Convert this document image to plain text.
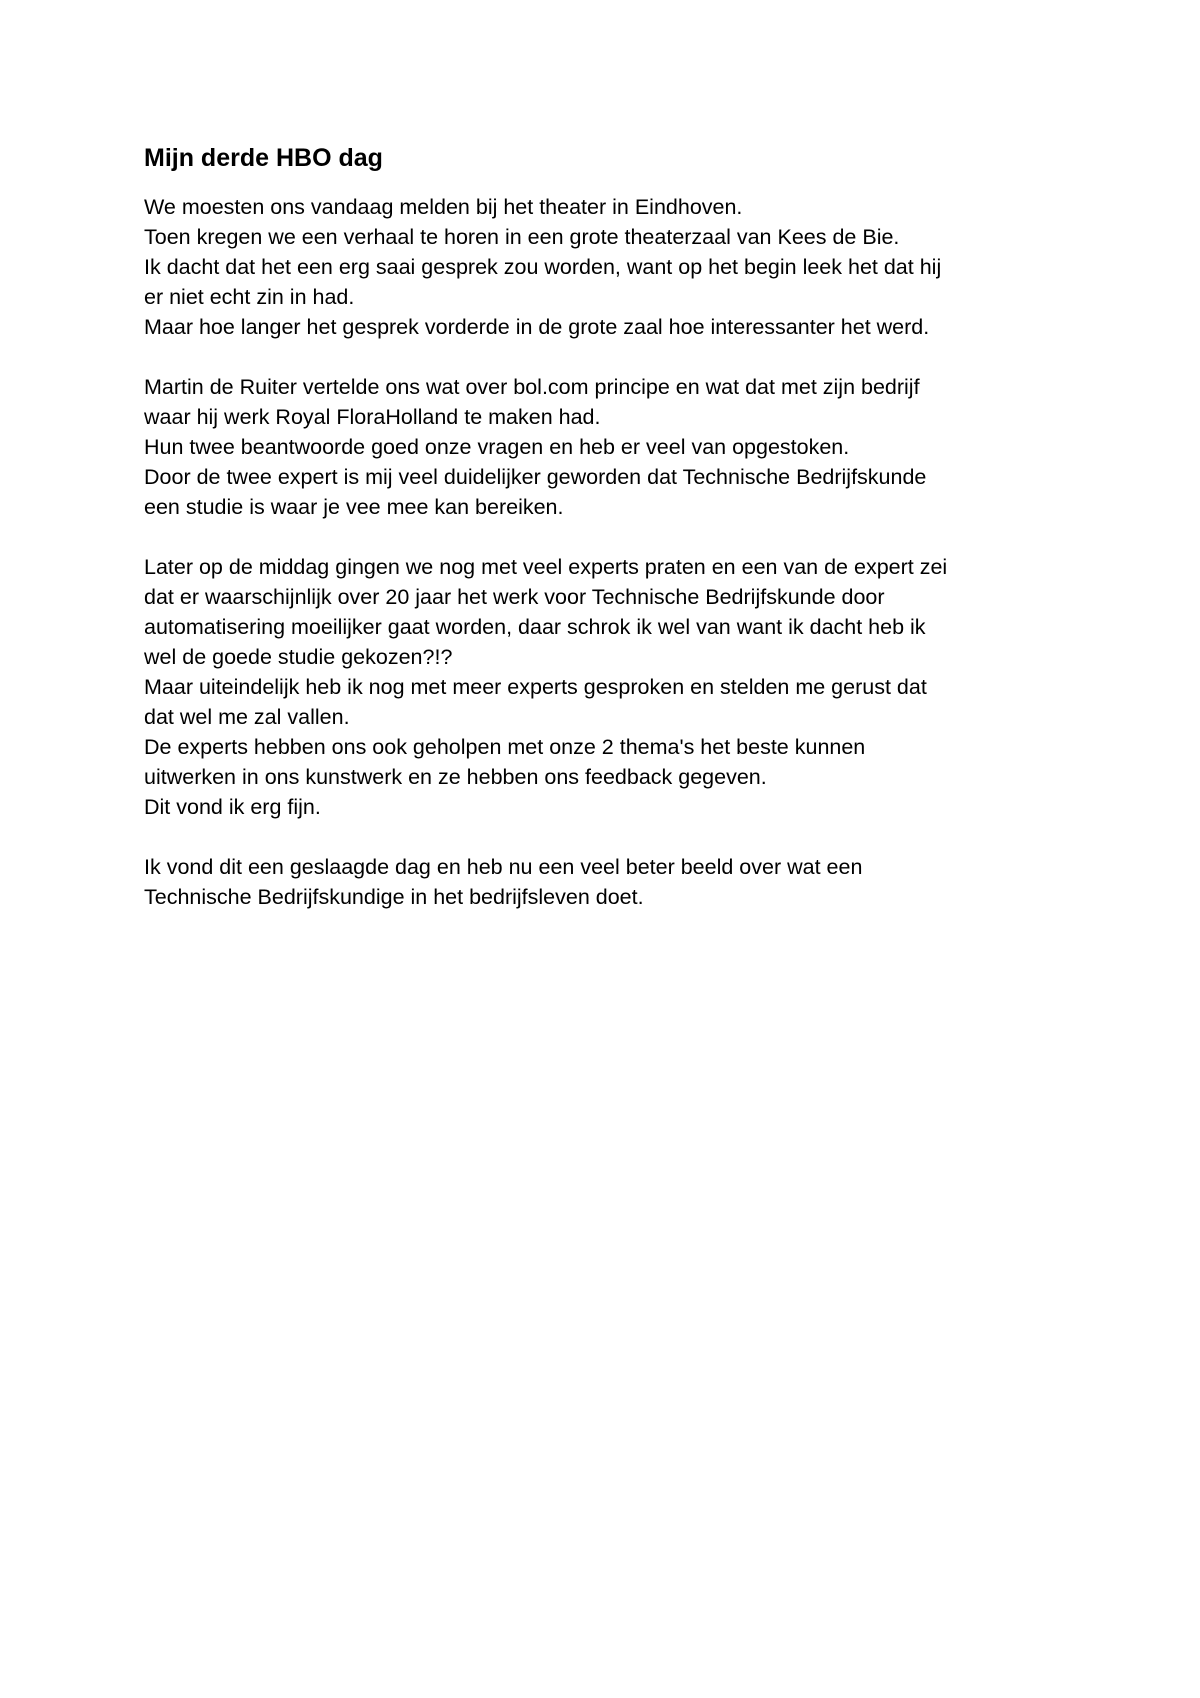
Mijn derde HBO dag
We moesten ons vandaag melden bij het theater in Eindhoven.
Toen kregen we een verhaal te horen in een grote theaterzaal van Kees de Bie.
Ik dacht dat het een erg saai gesprek zou worden, want op het begin leek het dat hij
er niet echt zin in had.
Maar hoe langer het gesprek vorderde in de grote zaal hoe interessanter het werd.
Martin de Ruiter vertelde ons wat over bol.com principe en wat dat met zijn bedrijf
waar hij werk Royal FloraHolland te maken had.
Hun twee beantwoorde goed onze vragen en heb er veel van opgestoken.
Door de twee expert is mij veel duidelijker geworden dat Technische Bedrijfskunde
een studie is waar je vee mee kan bereiken.
Later op de middag gingen we nog met veel experts praten en een van de expert zei
dat er waarschijnlijk over 20 jaar het werk voor Technische Bedrijfskunde door
automatisering moeilijker gaat worden, daar schrok ik wel van want ik dacht heb ik
wel de goede studie gekozen?!?
Maar uiteindelijk heb ik nog met meer experts gesproken en stelden me gerust dat
dat wel me zal vallen.
De experts hebben ons ook geholpen met onze 2 thema's het beste kunnen
uitwerken in ons kunstwerk en ze hebben ons feedback gegeven.
Dit vond ik erg fijn.
Ik vond dit een geslaagde dag en heb nu een veel beter beeld over wat een
Technische Bedrijfskundige in het bedrijfsleven doet.
